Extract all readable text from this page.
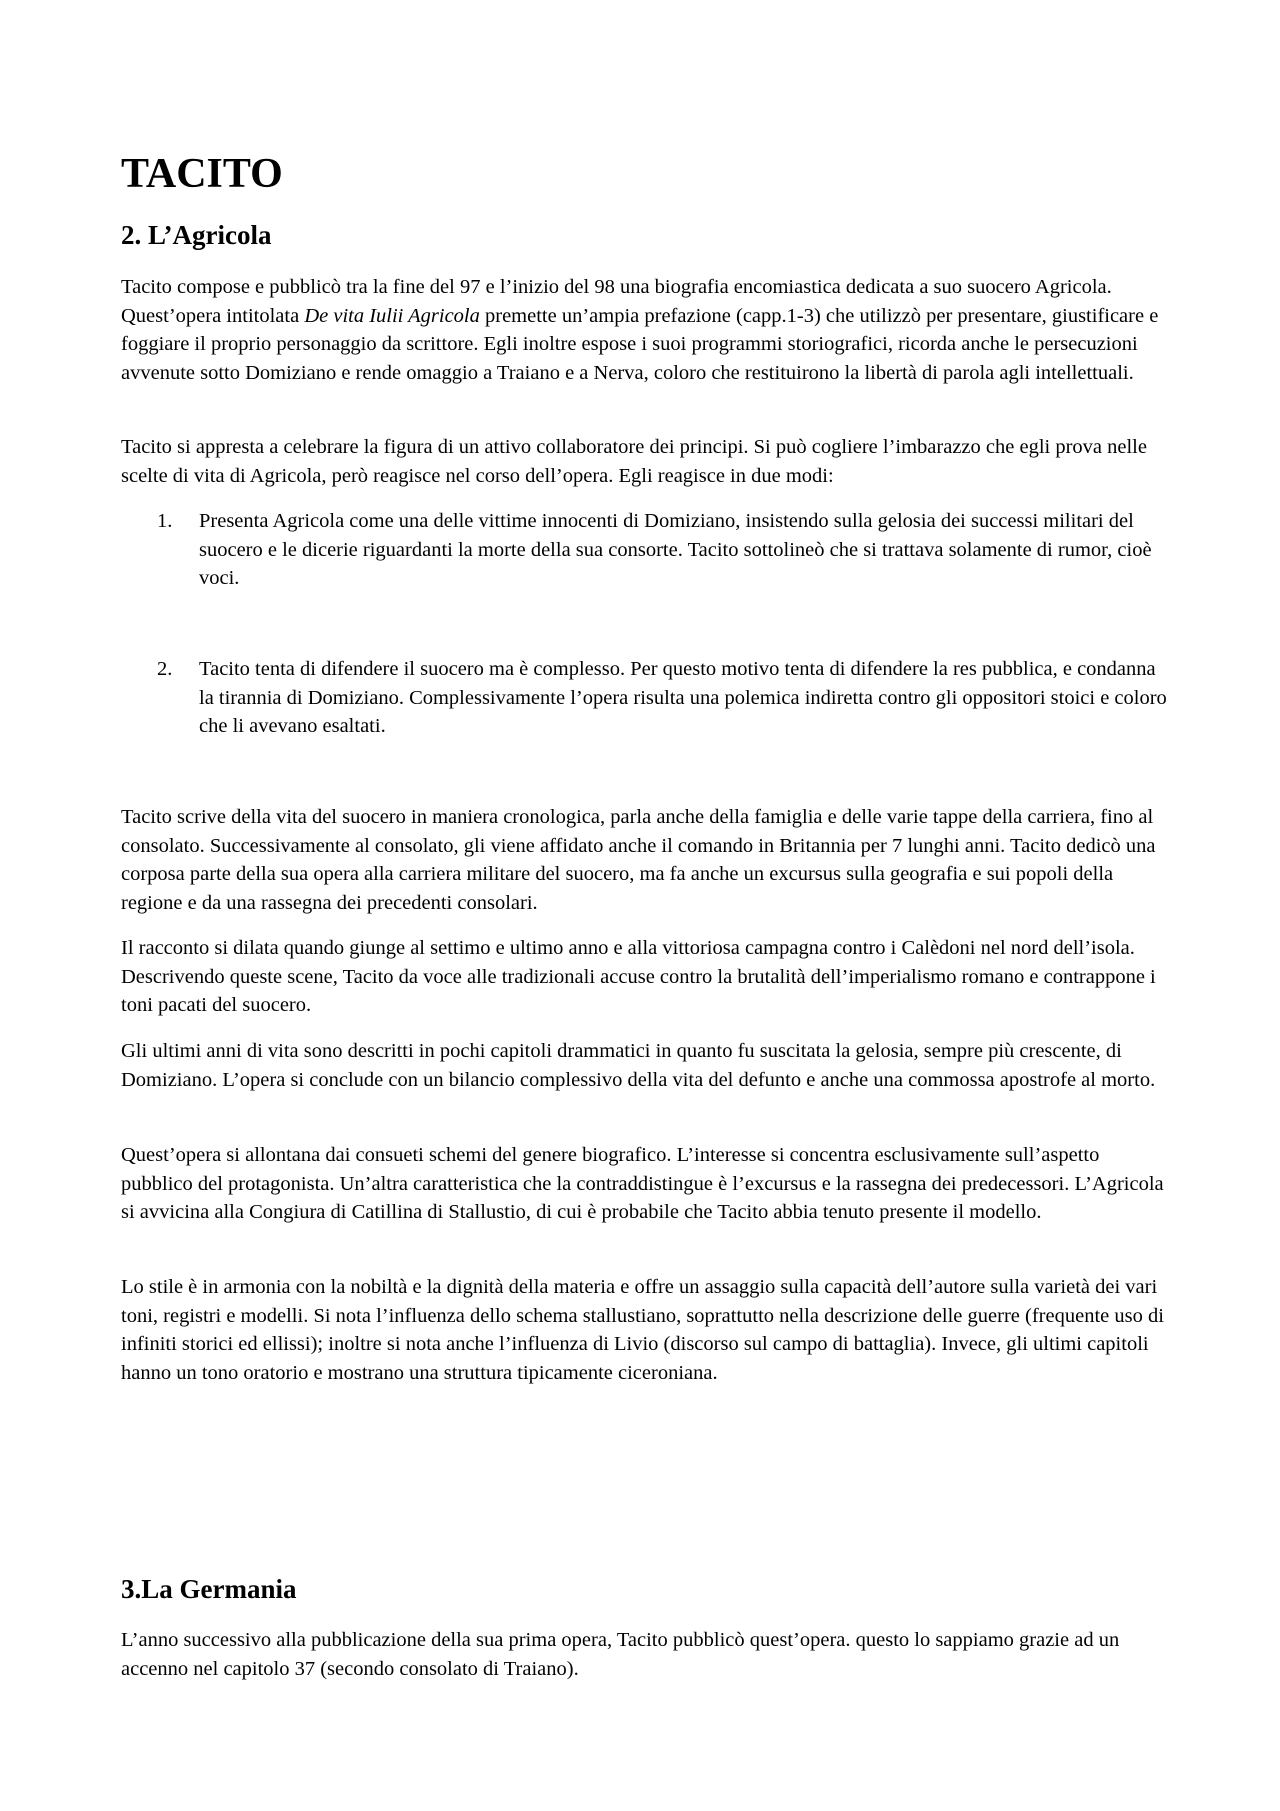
TACITO
2. L’Agricola

Tacito compose e pubblicò tra la fine del 97 e l’inizio del 98 una biografia encomiastica dedicata a suo suocero Agricola. Quest’opera intitolata De vita Iulii Agricola premette un’ampia prefazione (capp.1-3) che utilizzò per presentare, giustificare e foggiare il proprio personaggio da scrittore. Egli inoltre espose i suoi programmi storiografici, ricorda anche le persecuzioni avvenute sotto Domiziano e rende omaggio a Traiano e a Nerva, coloro che restituirono la libertà di parola agli intellettuali.

Tacito si appresta a celebrare la figura di un attivo collaboratore dei principi. Si può cogliere l’imbarazzo che egli prova nelle scelte di vita di Agricola, però reagisce nel corso dell’opera. Egli reagisce in due modi:

1.	Presenta Agricola come una delle vittime innocenti di Domiziano, insistendo sulla gelosia dei successi militari del suocero e le dicerie riguardanti la morte della sua consorte. Tacito sottolineò che si trattava solamente di rumor, cioè voci.
2.	Tacito tenta di difendere il suocero ma è complesso. Per questo motivo tenta di difendere la res pubblica, e condanna la tirannia di Domiziano. Complessivamente l’opera risulta una polemica indiretta contro gli oppositori stoici e coloro che li avevano esaltati.

Tacito scrive della vita del suocero in maniera cronologica, parla anche della famiglia e delle varie tappe della carriera, fino al consolato. Successivamente al consolato, gli viene affidato anche il comando in Britannia per 7 lunghi anni. Tacito dedicò una corposa parte della sua opera alla carriera militare del suocero, ma fa anche un excursus sulla geografia e sui popoli della regione e da una rassegna dei precedenti consolari.

Il racconto si dilata quando giunge al settimo e ultimo anno e alla vittoriosa campagna contro i Calèdoni nel nord dell’isola. Descrivendo queste scene, Tacito da voce alle tradizionali accuse contro la brutalità dell’imperialismo romano e contrappone i toni pacati del suocero.

Gli ultimi anni di vita sono descritti in pochi capitoli drammatici in quanto fu suscitata la gelosia, sempre più crescente, di Domiziano. L’opera si conclude con un bilancio complessivo della vita del defunto e anche una commossa apostrofe al morto.

Quest’opera si allontana dai consueti schemi del genere biografico. L’interesse si concentra esclusivamente sull’aspetto pubblico del protagonista. Un’altra caratteristica che la contraddistingue è l’excursus e la rassegna dei predecessori. L’Agricola si avvicina alla Congiura di Catillina di Stallustio, di cui è probabile che Tacito abbia tenuto presente il modello.

Lo stile è in armonia con la nobiltà e la dignità della materia e offre un assaggio sulla capacità dell’autore sulla varietà dei vari toni, registri e modelli. Si nota l’influenza dello schema stallustiano, soprattutto nella descrizione delle guerre (frequente uso di infiniti storici ed ellissi); inoltre si nota anche l’influenza di Livio (discorso sul campo di battaglia). Invece, gli ultimi capitoli hanno un tono oratorio e mostrano una struttura tipicamente ciceroniana.

3.La Germania

L’anno successivo alla pubblicazione della sua prima opera, Tacito pubblicò quest’opera. questo lo sappiamo grazie ad un accenno nel capitolo 37 (secondo consolato di Traiano).
